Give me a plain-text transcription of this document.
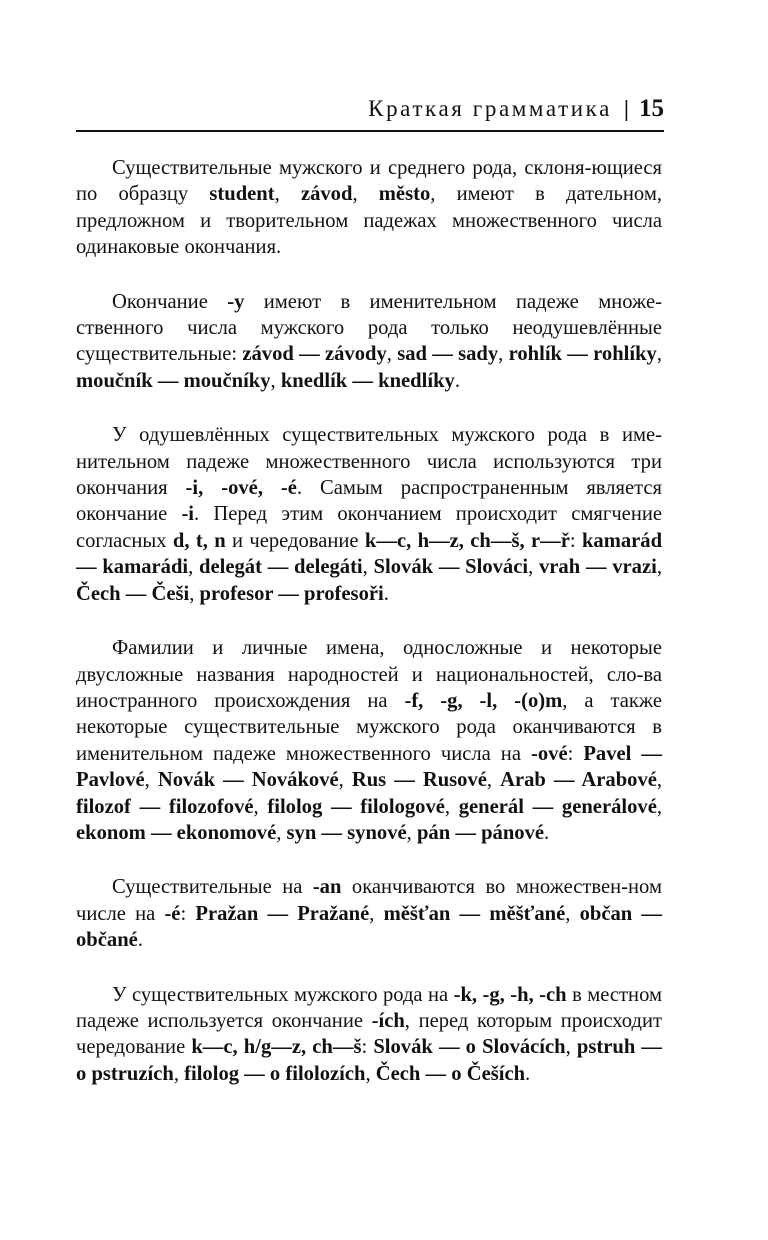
Краткая грамматика | 15

Существительные мужского и среднего рода, склоня-ющиеся по образцу student, závod, město, имеют в дательном, предложном и творительном падежах множественного числа одинаковые окончания.

Окончание -y имеют в именительном падеже множе-ственного числа мужского рода только неодушевлённые существительные: závod — závody, sad — sady, rohlík — rohlíky, moučník — moučníky, knedlík — knedlíky.

У одушевлённых существительных мужского рода в име-нительном падеже множественного числа используются три окончания -i, -ové, -é. Самым распространенным является окончание -i. Перед этим окончанием происходит смягчение согласных d, t, n и чередование k—c, h—z, ch—š, r—ř: kamarád — kamarádi, delegát — delegáti, Slovák — Slováci, vrah — vrazi, Čech — Češi, profesor — profesoři.

Фамилии и личные имена, односложные и некоторые двусложные названия народностей и национальностей, сло-ва иностранного происхождения на -f, -g, -l, -(o)m, а также некоторые существительные мужского рода оканчиваются в именительном падеже множественного числа на -ové: Pavel — Pavlové, Novák — Novákové, Rus — Rusové, Arab — Arabové, filozof — filozofové, filolog — filologové, generál — generálové, ekonom — ekonomové, syn — synové, pán — pánové.

Существительные на -an оканчиваются во множествен-ном числе на -é: Pražan — Pražané, měšťan — měšťané, občan — občané.

У существительных мужского рода на -k, -g, -h, -ch в местном падеже используется окончание -ích, перед которым происходит чередование k—c, h/g—z, ch—š: Slovák — o Slovácích, pstruh — o pstruzích, filolog — o filolozích, Čech — o Češích.
